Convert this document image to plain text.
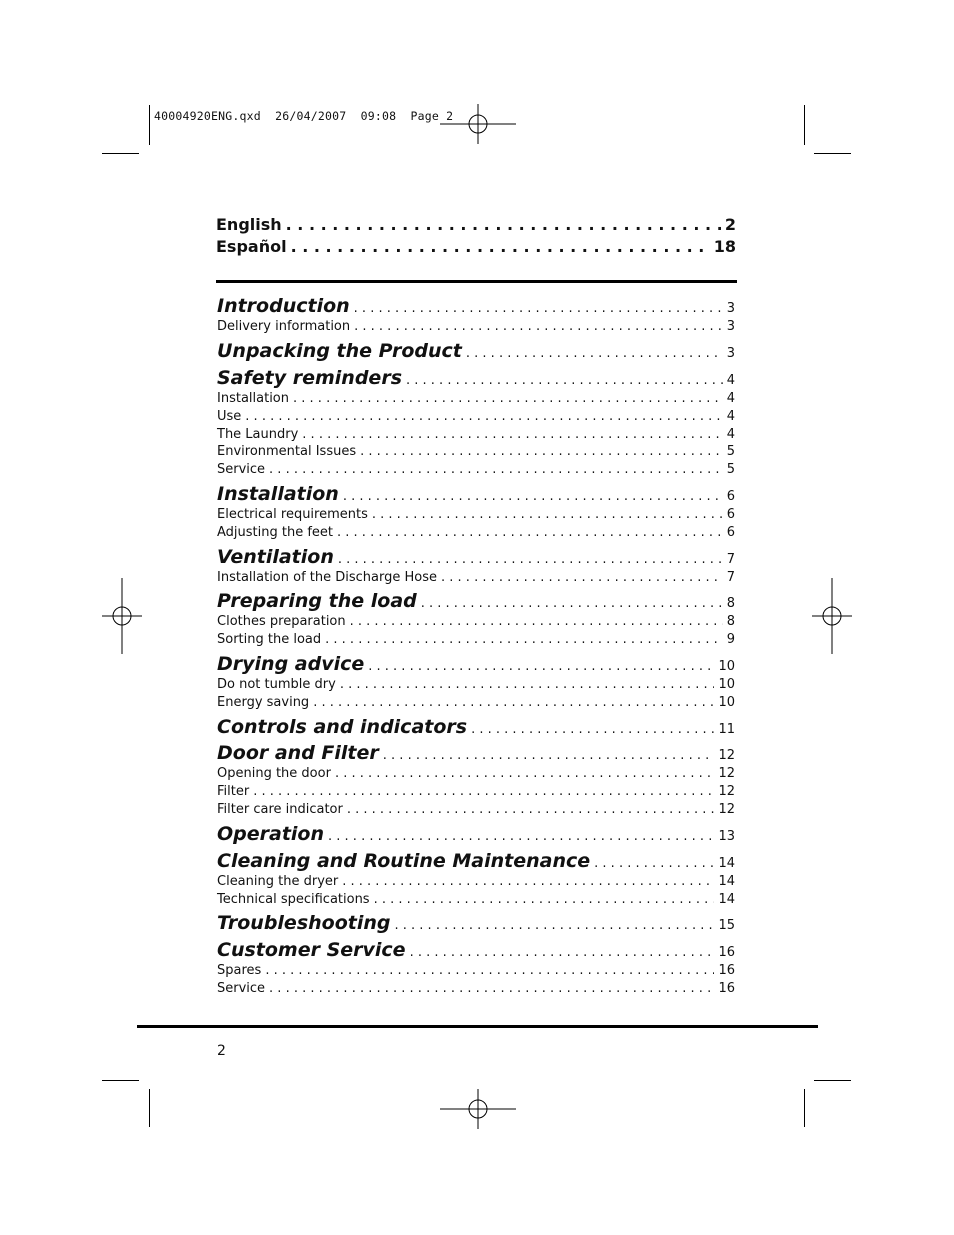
40004920ENG.qxd  26/04/2007  09:08  Page 2
English . . .	2
Español . . .	18
Introduction . . .	3
Delivery information . . .	3
Unpacking the Product . . .	3
Safety reminders . . .	4
Installation . . .	4
Use . . .	4
The Laundry . . .	4
Environmental Issues . . .	5
Service . . .	5
Installation . . .	6
Electrical requirements . . .	6
Adjusting the feet . . .	6
Ventilation . . .	7
Installation of the Discharge Hose . . .	7
Preparing the load . . .	8
Clothes preparation . . .	8
Sorting the load . . .	9
Drying advice . . .	10
Do not tumble dry . . .	10
Energy saving . . .	10
Controls and indicators . . .	11
Door and Filter . . .	12
Opening the door . . .	12
Filter . . .	12
Filter care indicator . . .	12
Operation . . .	13
Cleaning and Routine Maintenance . . .	14
Cleaning the dryer . . .	14
Technical specifications . . .	14
Troubleshooting . . .	15
Customer Service . . .	16
Spares . . .	16
Service . . .	16
2
